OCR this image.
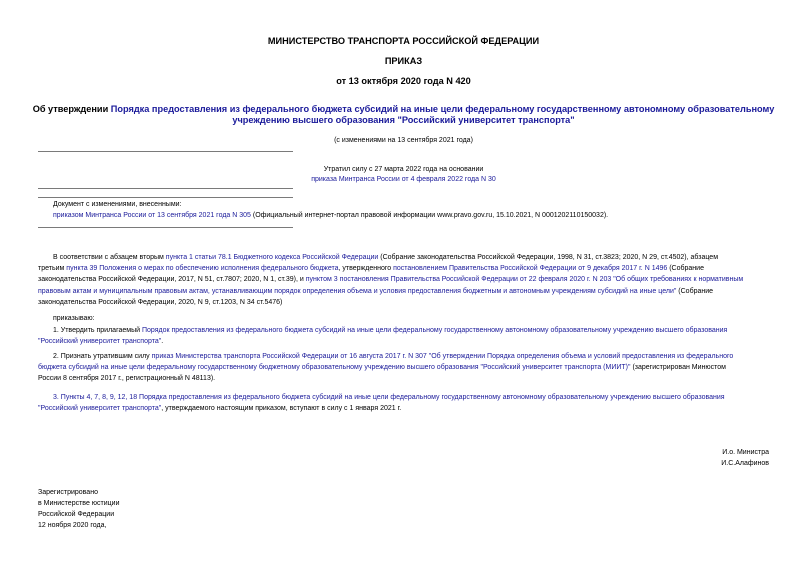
МИНИСТЕРСТВО ТРАНСПОРТА РОССИЙСКОЙ ФЕДЕРАЦИИ
ПРИКАЗ
от 13 октября 2020 года N 420
Об утверждении Порядка предоставления из федерального бюджета субсидий на иные цели федеральному государственному автономному образовательному
учреждению высшего образования "Российский университет транспорта"
(с изменениями на 13 сентября 2021 года)
Утратил силу с 27 марта 2022 года на основании
приказа Минтранса России от 4 февраля 2022 года N 30
Документ с изменениями, внесенными:
приказом Минтранса России от 13 сентября 2021 года N 305 (Официальный интернет-портал правовой информации www.pravo.gov.ru, 15.10.2021, N 0001202110150032).
В соответствии с абзацем вторым пункта 1 статьи 78.1 Бюджетного кодекса Российской Федерации (Собрание законодательства Российской Федерации, 1998, N 31, ст.3823; 2020, N 29, ст.4502), абзацем
третьим пункта 39 Положения о мерах по обеспечению исполнения федерального бюджета, утвержденного постановлением Правительства Российской Федерации от 9 декабря 2017 г. N 1496 (Собрание
законодательства Российской Федерации, 2017, N 51, ст.7807; 2020, N 1, ст.39), и пунктом 3 постановления Правительства Российской Федерации от 22 февраля 2020 г. N 203 "Об общих требованиях к нормативным
правовым актам и муниципальным правовым актам, устанавливающим порядок определения объема и условия предоставления бюджетным и автономным учреждениям субсидий на иные цели" (Собрание
законодательства Российской Федерации, 2020, N 9, ст.1203, N 34 ст.5476)
приказываю:
1. Утвердить прилагаемый Порядок предоставления из федерального бюджета субсидий на иные цели федеральному государственному автономному образовательному учреждению высшего образования
"Российский университет транспорта".
2. Признать утратившим силу приказ Министерства транспорта Российской Федерации от 16 августа 2017 г. N 307 "Об утверждении Порядка определения объема и условий предоставления из федерального
бюджета субсидий на иные цели федеральному государственному бюджетному образовательному учреждению высшего образования "Российский университет транспорта (МИИТ)" (зарегистрирован Минюстом
России 8 сентября 2017 г., регистрационный N 48113).
3. Пункты 4, 7, 8, 9, 12, 18 Порядка предоставления из федерального бюджета субсидий на иные цели федеральному государственному автономному образовательному учреждению высшего образования
"Российский университет транспорта", утверждаемого настоящим приказом, вступают в силу с 1 января 2021 г.
И.о. Министра
И.С.Алафинов
Зарегистрировано
в Министерстве юстиции
Российской Федерации
12 ноября 2020 года,
